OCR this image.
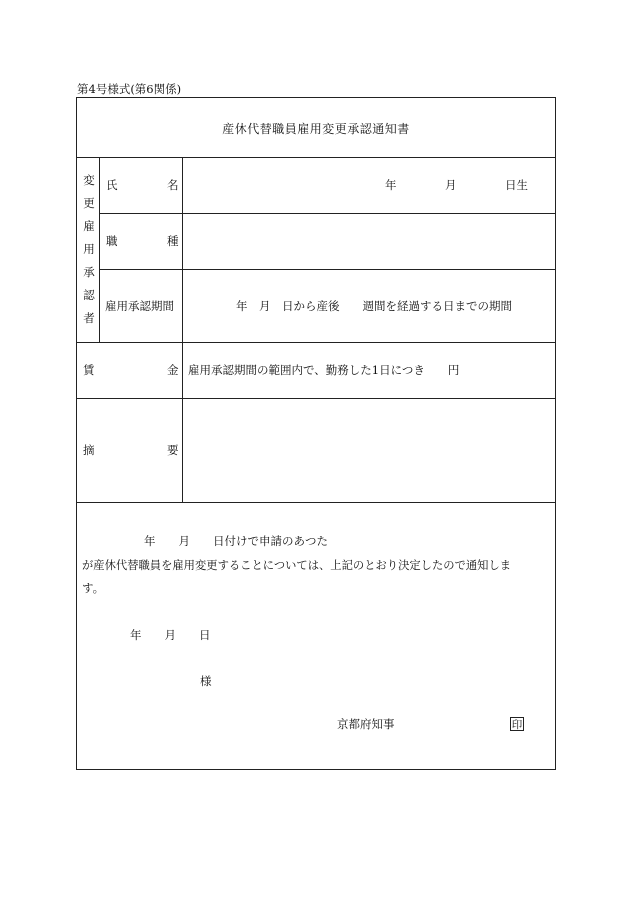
第4号様式(第6関係)
産休代替職員雇用変更承認通知書
変
更
雇
用
承
認
者
氏	名	年	月	日生
職	種
雇用承認期間	年　月　日から産後　　週間を経過する日までの期間
賃	金 雇用承認期間の範囲内で、勤務した1日につき　　円
摘	要
年　　月　　日付けで申請のあつた
が産休代替職員を雇用変更することについては、上記のとおり決定したので通知しま
す。
年　　月　　日
様
京都府知事	印
